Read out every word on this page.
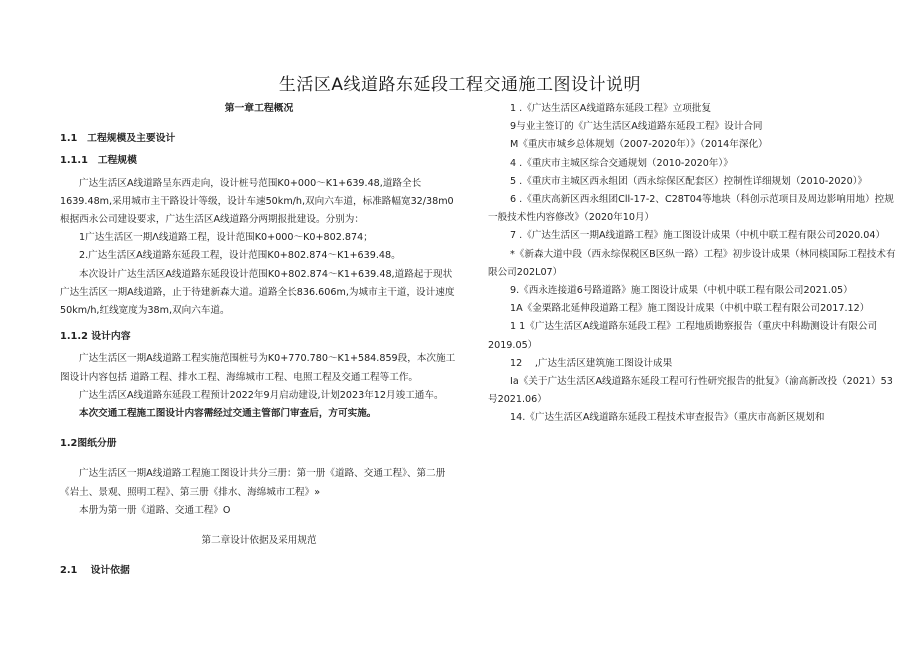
生活区A线道路东延段工程交通施工图设计说明

第一章工程概况

1.1　工程规模及主要设计

1.1.1　工程规模

广达生活区A线道路呈东西走向，设计桩号范围K0+000～K1+639.48,道路全长1639.48m,采用城市主干路设计等级，设计车速50km/h,双向六车道，标准路幅宽32/38m0根据西永公司建设要求，广达生活区A线道路分两期报批建设。分别为：

1广达生活区一期Λ线道路工程，设计范围K0+000～K0+802.874；

2.广达生活区A线道路东延段工程，设计范围K0+802.874～K1+639.48。

本次设计广达生活区A线道路东延段设计范围K0+802.874～K1+639.48,道路起于现状广达生活区一期A线道路，止于待建新森大道。道路全长836.606m,为城市主干道，设计速度50km/h,红线宽度为38m,双向六车道。

1.1.2 设计内容

广达生活区一期A线道路工程实施范围桩号为K0+770.780～K1+584.859段，本次施工图设计内容包括 道路工程、排水工程、海绵城市工程、电照工程及交通工程等工作。

广达生活区A线道路东延段工程预计2022年9月启动建设,计划2023年12月竣工通车。

本次交通工程施工图设计内容需经过交通主管部门审查后，方可实施。

1.2图纸分册

广达生活区一期A线道路工程施工图设计共分三册：第一册《道路、交通工程》、第二册《岩土、景观、照明工程》、第三册《排水、海绵城市工程》»

本册为第一册《道路、交通工程》O

第二章设计依据及采用规范

2.1　 设计依据

1 .《广达生活区A线道路东延段工程》立项批复

9与业主签订的《广达生活区A线道路东延段工程》设计合同

M《重庆市城乡总体规划（2007-2020年）》（2014年深化）

4 .《重庆市主城区综合交通规划（2010-2020年）》

5 .《重庆市主城区西永组团（西永综保区配套区）控制性详细规划（2010-2020）》

6 .《重庆高新区西永组团Cll-17-2、C28T04等地块（科创示范项目及周边影响用地）控规一般技术性内容修改》（2020年10月）

7 .《广达生活区一期A线道路工程》施工图设计成果（中机中联工程有限公司2020.04）

*《新森大道中段（西永综保税区B区纵一路）工程》初步设计成果（林同棪国际工程技术有限公司202L07）

9.《西永连接道6号路道路》施工图设计成果（中机中联工程有限公司2021.05）

1A《金栗路北延伸段道路工程》施工图设计成果（中机中联工程有限公司2017.12）

1 1《广达生活区A线道路东延段工程》工程地质勘察报告（重庆中科勘测设计有限公司2019.05）

12　 ,广达生活区建筑施工图设计成果

Ia《关于广达生活区A线道路东延段工程可行性研究报告的批复》（渝高新改投（2021）53号2021.06）

14.《广达生活区A线道路东延段工程技术审查报告》（重庆市高新区规划和
